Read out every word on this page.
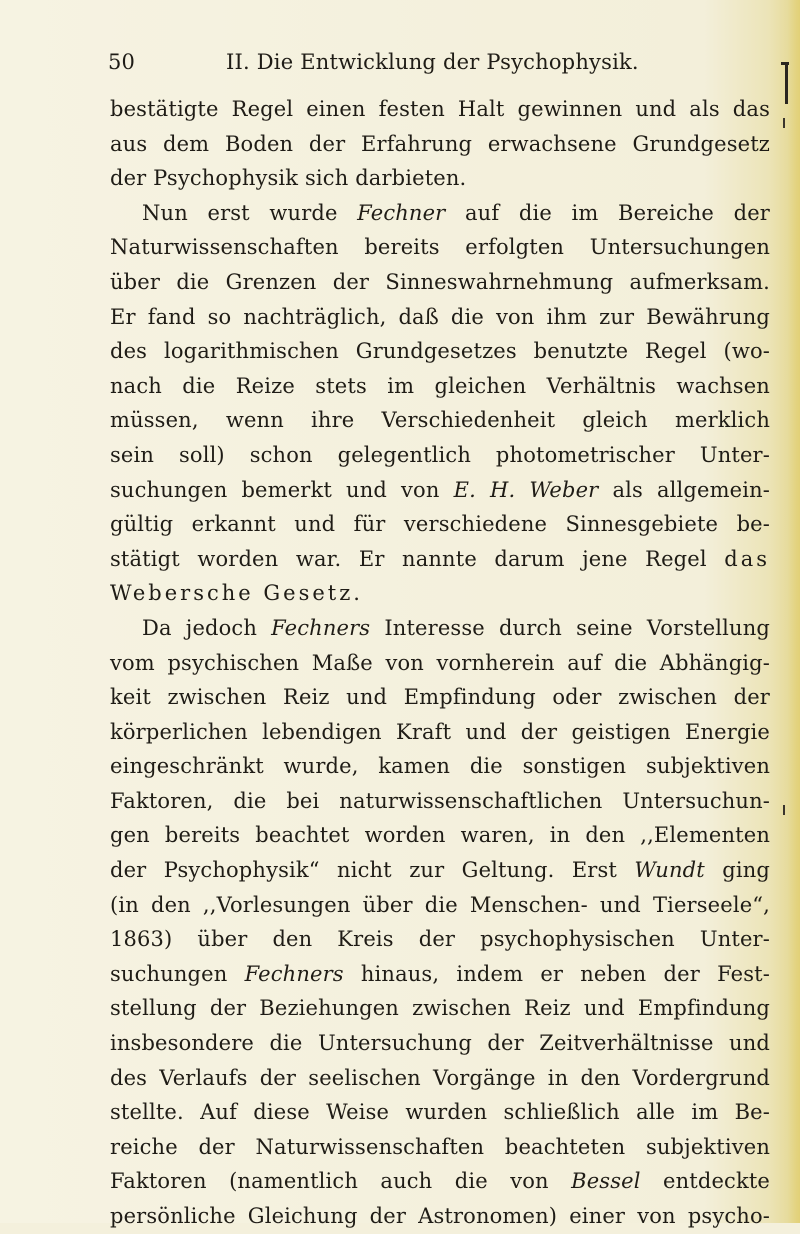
50	II. Die Entwicklung der Psychophysik.
bestätigte Regel einen festen Halt gewinnen und als das
aus dem Boden der Erfahrung erwachsene Grundgesetz
der Psychophysik sich darbieten.
Nun erst wurde Fechner auf die im Bereiche der
Naturwissenschaften bereits erfolgten Untersuchungen
über die Grenzen der Sinneswahrnehmung aufmerksam.
Er fand so nachträglich, daß die von ihm zur Bewährung
des logarithmischen Grundgesetzes benutzte Regel (wo-
nach die Reize stets im gleichen Verhältnis wachsen
müssen, wenn ihre Verschiedenheit gleich merklich
sein soll) schon gelegentlich photometrischer Unter-
suchungen bemerkt und von E. H. Weber als allgemein-
gültig erkannt und für verschiedene Sinnesgebiete be-
stätigt worden war. Er nannte darum jene Regel das
Webersche Gesetz.
Da jedoch Fechners Interesse durch seine Vorstellung
vom psychischen Maße von vornherein auf die Abhängig-
keit zwischen Reiz und Empfindung oder zwischen der
körperlichen lebendigen Kraft und der geistigen Energie
eingeschränkt wurde, kamen die sonstigen subjektiven
Faktoren, die bei naturwissenschaftlichen Untersuchun-
gen bereits beachtet worden waren, in den ,,Elementen
der Psychophysik“ nicht zur Geltung. Erst Wundt ging
(in den ,,Vorlesungen über die Menschen- und Tierseele“,
1863) über den Kreis der psychophysischen Unter-
suchungen Fechners hinaus, indem er neben der Fest-
stellung der Beziehungen zwischen Reiz und Empfindung
insbesondere die Untersuchung der Zeitverhältnisse und
des Verlaufs der seelischen Vorgänge in den Vordergrund
stellte. Auf diese Weise wurden schließlich alle im Be-
reiche der Naturwissenschaften beachteten subjektiven
Faktoren (namentlich auch die von Bessel entdeckte
persönliche Gleichung der Astronomen) einer von psycho-
